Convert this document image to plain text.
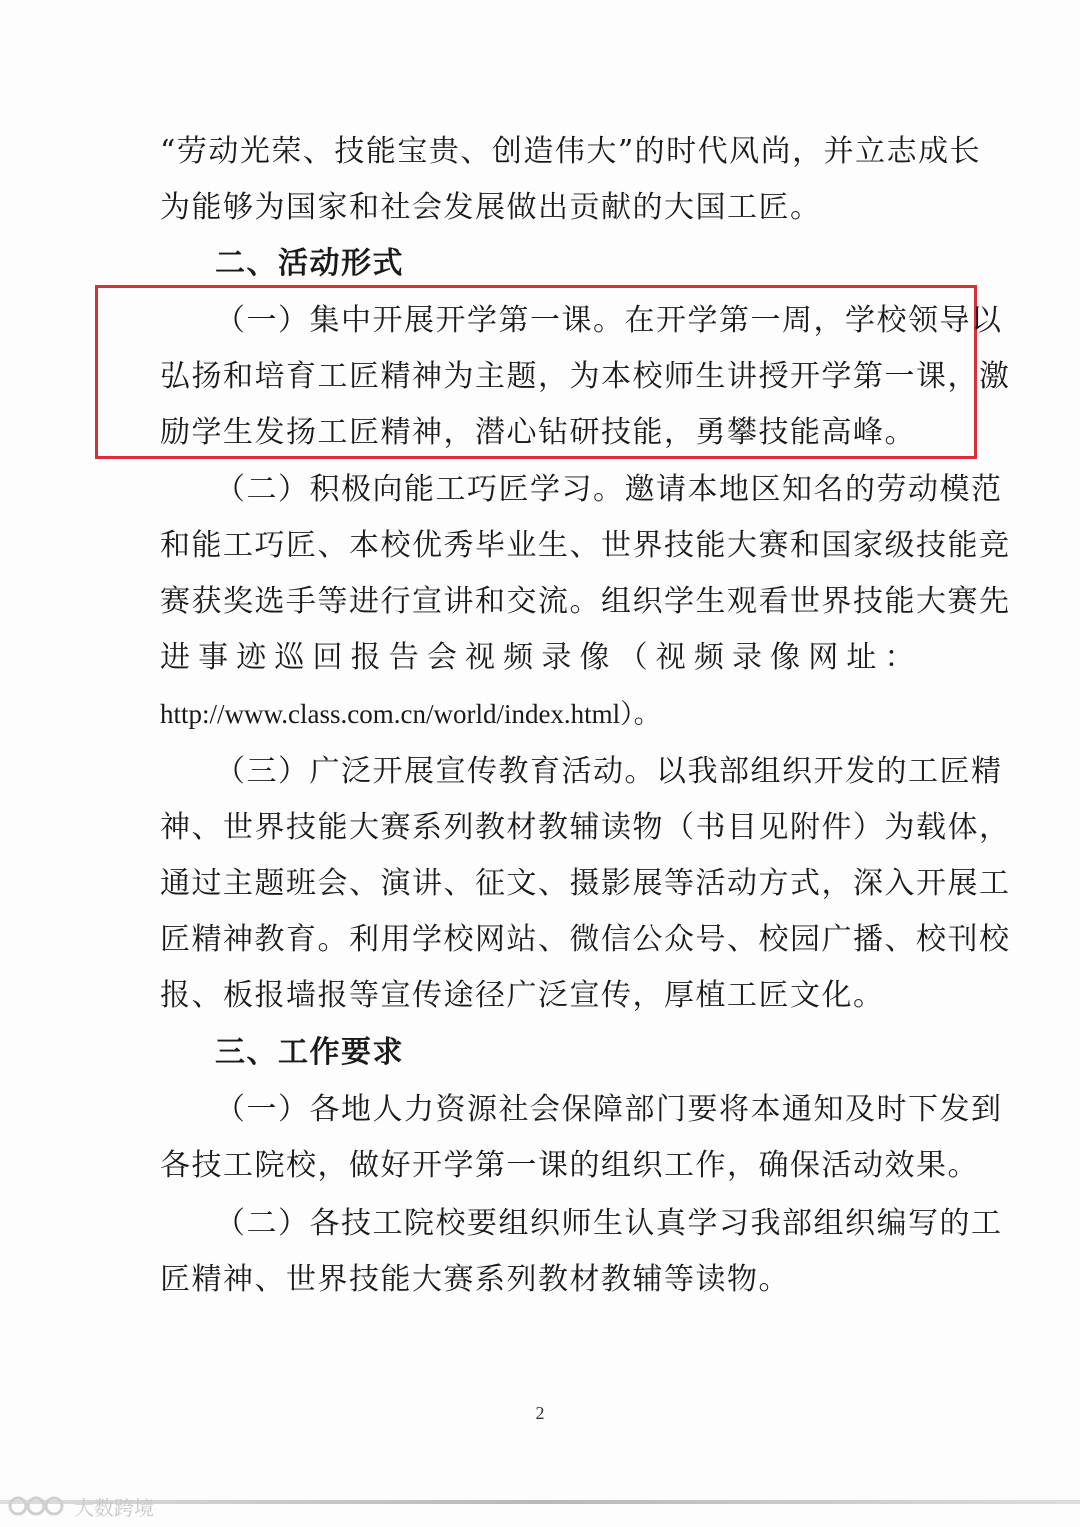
“劳动光荣、技能宝贵、创造伟大”的时代风尚，并立志成长
为能够为国家和社会发展做出贡献的大国工匠。
二、活动形式
（一）集中开展开学第一课。在开学第一周，学校领导以
弘扬和培育工匠精神为主题，为本校师生讲授开学第一课，激
励学生发扬工匠精神，潜心钻研技能，勇攀技能高峰。
（二）积极向能工巧匠学习。邀请本地区知名的劳动模范
和能工巧匠、本校优秀毕业生、世界技能大赛和国家级技能竞
赛获奖选手等进行宣讲和交流。组织学生观看世界技能大赛先
进事迹巡回报告会视频录像（视频录像网址：
http://www.class.com.cn/world/index.html）。
（三）广泛开展宣传教育活动。以我部组织开发的工匠精
神、世界技能大赛系列教材教辅读物（书目见附件）为载体，
通过主题班会、演讲、征文、摄影展等活动方式，深入开展工
匠精神教育。利用学校网站、微信公众号、校园广播、校刊校
报、板报墙报等宣传途径广泛宣传，厚植工匠文化。
三、工作要求
（一）各地人力资源社会保障部门要将本通知及时下发到
各技工院校，做好开学第一课的组织工作，确保活动效果。
（二）各技工院校要组织师生认真学习我部组织编写的工
匠精神、世界技能大赛系列教材教辅等读物。
2
大数跨境
